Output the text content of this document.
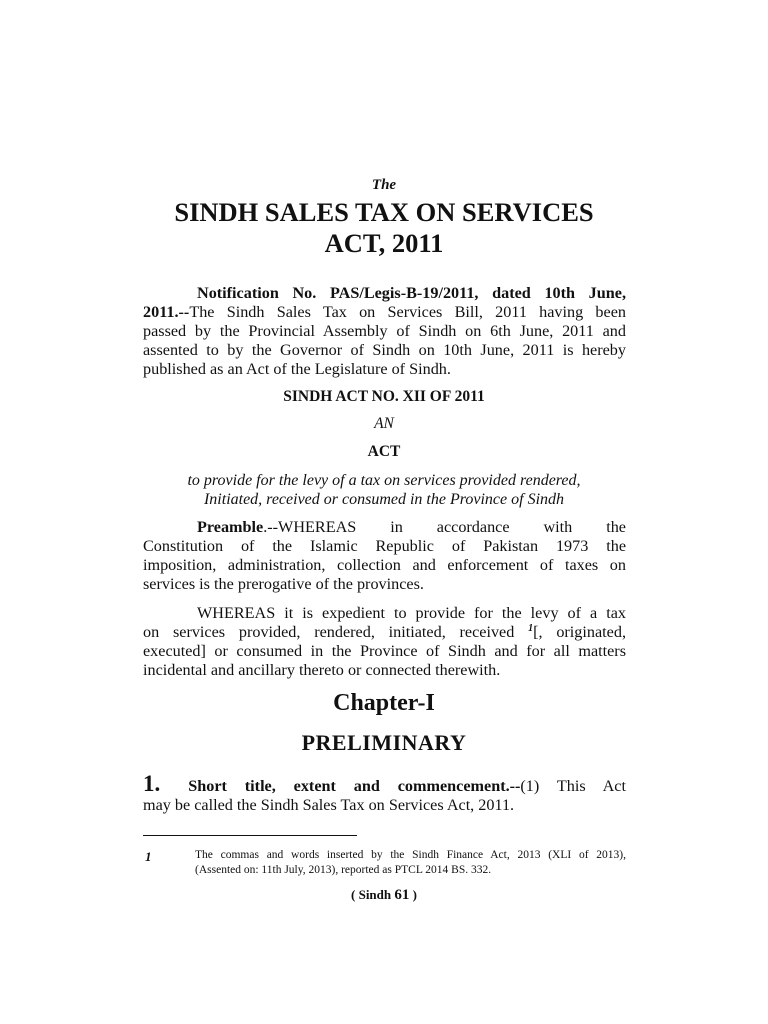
The
SINDH SALES TAX ON SERVICES
ACT, 2011
Notification No. PAS/Legis-B-19/2011, dated 10th June,
2011.--The Sindh Sales Tax on Services Bill, 2011 having been
passed by the Provincial Assembly of Sindh on 6th June, 2011 and
assented to by the Governor of Sindh on 10th June, 2011 is hereby
published as an Act of the Legislature of Sindh.
SINDH ACT NO. XII OF 2011
AN
ACT
to provide for the levy of a tax on services provided rendered,
Initiated, received or consumed in the Province of Sindh
Preamble.--WHEREAS in accordance with the
Constitution of the Islamic Republic of Pakistan 1973 the
imposition, administration, collection and enforcement of taxes on
services is the prerogative of the provinces.
WHEREAS it is expedient to provide for the levy of a tax
on services provided, rendered, initiated, received $^1$[, originated,
executed] or consumed in the Province of Sindh and for all matters
incidental and ancillary thereto or connected therewith.
Chapter-I
PRELIMINARY
1. Short title, extent and commencement.--(1) This Act
may be called the Sindh Sales Tax on Services Act, 2011.
1	The commas and words inserted by the Sindh Finance Act, 2013 (XLI of 2013),
(Assented on: 11th July, 2013), reported as PTCL 2014 BS. 332.
( Sindh 61 )
